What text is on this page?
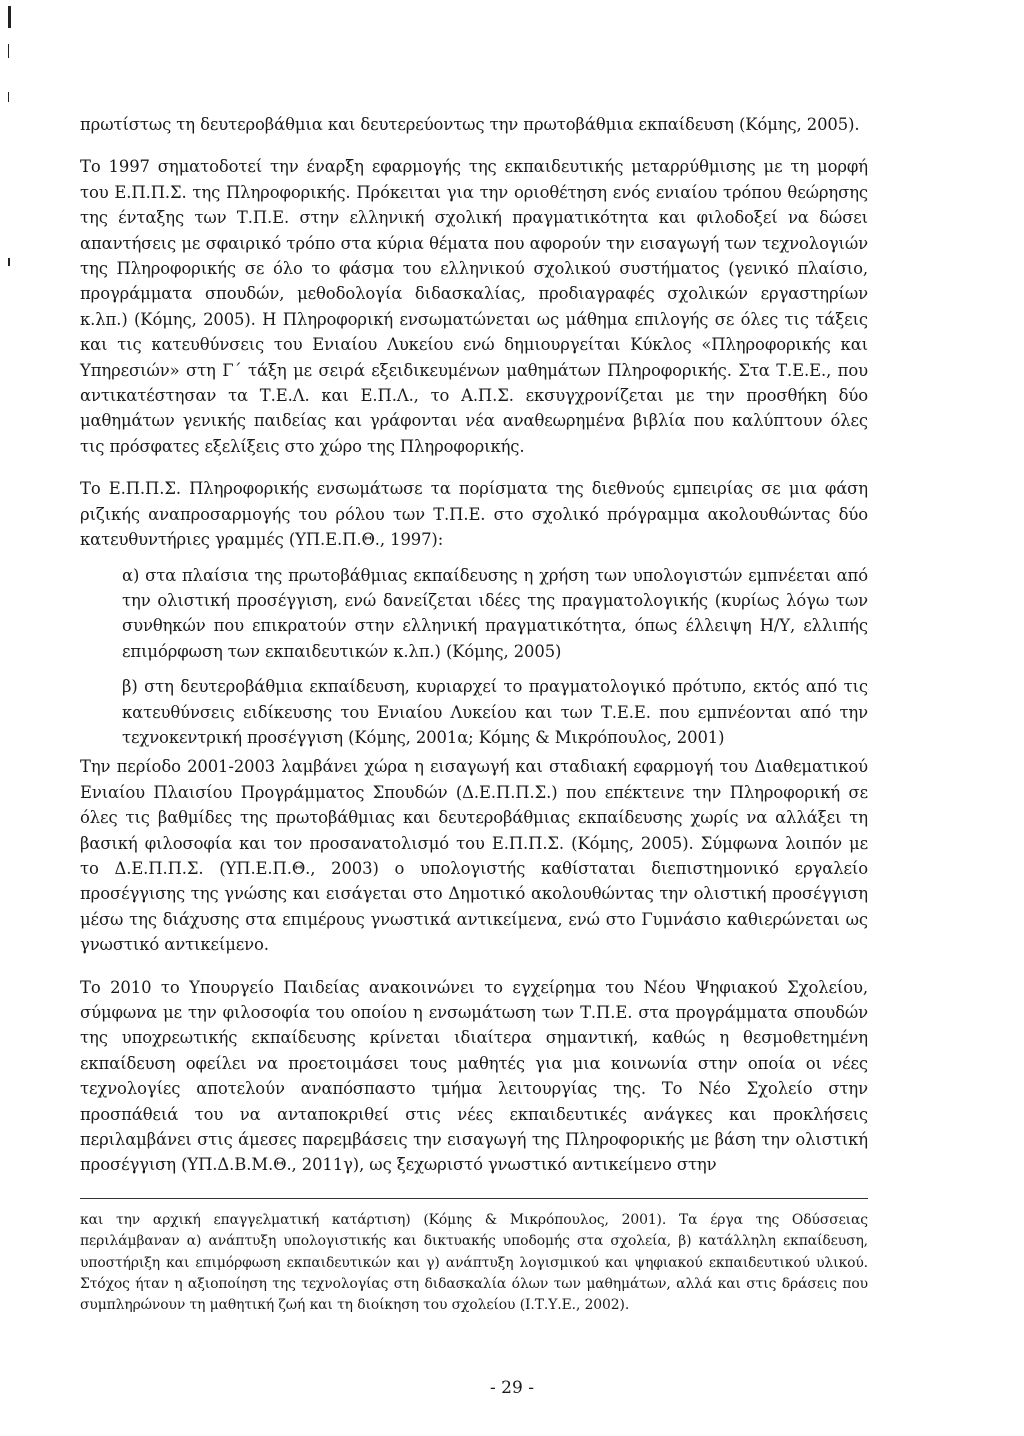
πρωτίστως τη δευτεροβάθμια και δευτερεύοντως την πρωτοβάθμια εκπαίδευση (Κόμης, 2005).

Το 1997 σηματοδοτεί την έναρξη εφαρμογής της εκπαιδευτικής μεταρρύθμισης με τη μορφή του Ε.Π.Π.Σ. της Πληροφορικής. Πρόκειται για την οριοθέτηση ενός ενιαίου τρόπου θεώρησης της ένταξης των Τ.Π.Ε. στην ελληνική σχολική πραγματικότητα και φιλοδοξεί να δώσει απαντήσεις με σφαιρικό τρόπο στα κύρια θέματα που αφορούν την εισαγωγή των τεχνολογιών της Πληροφορικής σε όλο το φάσμα του ελληνικού σχολικού συστήματος (γενικό πλαίσιο, προγράμματα σπουδών, μεθοδολογία διδασκαλίας, προδιαγραφές σχολικών εργαστηρίων κ.λπ.) (Κόμης, 2005). Η Πληροφορική ενσωματώνεται ως μάθημα επιλογής σε όλες τις τάξεις και τις κατευθύνσεις του Ενιαίου Λυκείου ενώ δημιουργείται Κύκλος «Πληροφορικής και Υπηρεσιών» στη Γ΄ τάξη με σειρά εξειδικευμένων μαθημάτων Πληροφορικής. Στα Τ.Ε.Ε., που αντικατέστησαν τα Τ.Ε.Λ. και Ε.Π.Λ., το Α.Π.Σ. εκσυγχρονίζεται με την προσθήκη δύο μαθημάτων γενικής παιδείας και γράφονται νέα αναθεωρημένα βιβλία που καλύπτουν όλες τις πρόσφατες εξελίξεις στο χώρο της Πληροφορικής.

Το Ε.Π.Π.Σ. Πληροφορικής ενσωμάτωσε τα πορίσματα της διεθνούς εμπειρίας σε μια φάση ριζικής αναπροσαρμογής του ρόλου των Τ.Π.Ε. στο σχολικό πρόγραμμα ακολουθώντας δύο κατευθυντήριες γραμμές (ΥΠ.Ε.Π.Θ., 1997):

α) στα πλαίσια της πρωτοβάθμιας εκπαίδευσης η χρήση των υπολογιστών εμπνέεται από την ολιστική προσέγγιση, ενώ δανείζεται ιδέες της πραγματολογικής (κυρίως λόγω των συνθηκών που επικρατούν στην ελληνική πραγματικότητα, όπως έλλειψη Η/Υ, ελλιπής επιμόρφωση των εκπαιδευτικών κ.λπ.) (Κόμης, 2005)

β) στη δευτεροβάθμια εκπαίδευση, κυριαρχεί το πραγματολογικό πρότυπο, εκτός από τις κατευθύνσεις ειδίκευσης του Ενιαίου Λυκείου και των Τ.Ε.Ε. που εμπνέονται από την τεχνοκεντρική προσέγγιση (Κόμης, 2001α; Κόμης & Μικρόπουλος, 2001)

Την περίοδο 2001-2003 λαμβάνει χώρα η εισαγωγή και σταδιακή εφαρμογή του Διαθεματικού Ενιαίου Πλαισίου Προγράμματος Σπουδών (Δ.Ε.Π.Π.Σ.) που επέκτεινε την Πληροφορική σε όλες τις βαθμίδες της πρωτοβάθμιας και δευτεροβάθμιας εκπαίδευσης χωρίς να αλλάξει τη βασική φιλοσοφία και τον προσανατολισμό του Ε.Π.Π.Σ. (Κόμης, 2005). Σύμφωνα λοιπόν με το Δ.Ε.Π.Π.Σ. (ΥΠ.Ε.Π.Θ., 2003) ο υπολογιστής καθίσταται διεπιστημονικό εργαλείο προσέγγισης της γνώσης και εισάγεται στο Δημοτικό ακολουθώντας την ολιστική προσέγγιση μέσω της διάχυσης στα επιμέρους γνωστικά αντικείμενα, ενώ στο Γυμνάσιο καθιερώνεται ως γνωστικό αντικείμενο.

Το 2010 το Υπουργείο Παιδείας ανακοινώνει το εγχείρημα του Νέου Ψηφιακού Σχολείου, σύμφωνα με την φιλοσοφία του οποίου η ενσωμάτωση των Τ.Π.Ε. στα προγράμματα σπουδών της υποχρεωτικής εκπαίδευσης κρίνεται ιδιαίτερα σημαντική, καθώς η θεσμοθετημένη εκπαίδευση οφείλει να προετοιμάσει τους μαθητές για μια κοινωνία στην οποία οι νέες τεχνολογίες αποτελούν αναπόσπαστο τμήμα λειτουργίας της. Το Νέο Σχολείο στην προσπάθειά του να ανταποκριθεί στις νέες εκπαιδευτικές ανάγκες και προκλήσεις περιλαμβάνει στις άμεσες παρεμβάσεις την εισαγωγή της Πληροφορικής με βάση την ολιστική προσέγγιση (ΥΠ.Δ.Β.Μ.Θ., 2011γ), ως ξεχωριστό γνωστικό αντικείμενο στην

και την αρχική επαγγελματική κατάρτιση) (Κόμης & Μικρόπουλος, 2001). Τα έργα της Οδύσσειας περιλάμβαναν α) ανάπτυξη υπολογιστικής και δικτυακής υποδομής στα σχολεία, β) κατάλληλη εκπαίδευση, υποστήριξη και επιμόρφωση εκπαιδευτικών και γ) ανάπτυξη λογισμικού και ψηφιακού εκπαιδευτικού υλικού. Στόχος ήταν η αξιοποίηση της τεχνολογίας στη διδασκαλία όλων των μαθημάτων, αλλά και στις δράσεις που συμπληρώνουν τη μαθητική ζωή και τη διοίκηση του σχολείου (Ι.Τ.Υ.Ε., 2002).

- 29 -
